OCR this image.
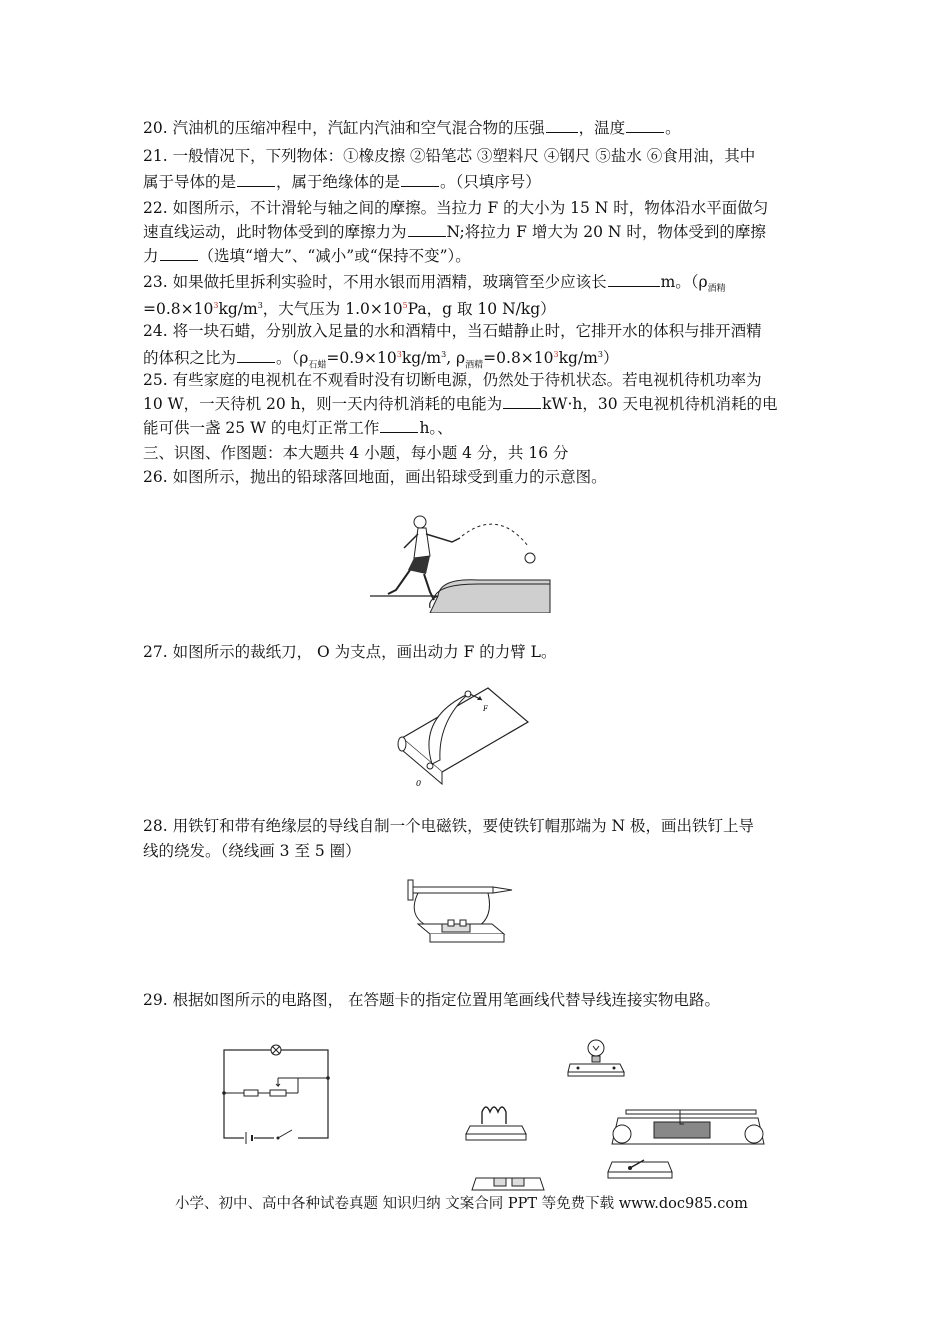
20. 汽油机的压缩冲程中，汽缸内汽油和空气混合物的压强 ，温度	。
21. 一般情况下，下列物体：①橡皮擦 ②铅笔芯 ③塑料尺 ④钢尺 ⑤盐水 ⑥食用油，其中
属于导体的是	，属于绝缘体的是	。（只填序号）
22. 如图所示，不计滑轮与轴之间的摩擦。当拉力 F 的大小为 15 N 时，物体沿水平面做匀
速直线运动，此时物体受到的摩擦力为	N;将拉力 F 增大为 20 N 时，物体受到的摩擦
力	（选填“增大”、“减小”或“保持不变”）。
23. 如果做托里拆利实验时，不用水银而用酒精，玻璃管至少应该长	m。（$\rho_{酒精}$
$=0.8\times 10^3kg/m^3$，大气压为 $1.0\times 10^5Pa$，g 取 10 N/kg）
24. 将一块石蜡，分别放入足量的水和酒精中，当石蜡静止时，它排开水的体积与排开酒精
的体积之比为	。（$\rho_{石蜡}=0.9\times 10^3kg/m^3$, $\rho_{酒精}=0.8\times 10^3kg/m^3$）
25. 有些家庭的电视机在不观看时没有切断电源，仍然处于待机状态。若电视机待机功率为
10 W，一天待机 20 h，则一天内待机消耗的电能为	kW·h，30 天电视机待机消耗的电
能可供一盏 25 W 的电灯正常工作	h。、
三、识图、作图题：本大题共 4 小题，每小题 4 分，共 16 分
26. 如图所示，抛出的铅球落回地面，画出铅球受到重力的示意图。
27. 如图所示的裁纸刀， O 为支点，画出动力 F 的力臂 L。
F
0
28. 用铁钉和带有绝缘层的导线自制一个电磁铁，要使铁钉帽那端为 N 极，画出铁钉上导
线的绕发。（绕线画 3 至 5 圈）
29. 根据如图所示的电路图， 在答题卡的指定位置用笔画线代替导线连接实物电路。
小学、初中、高中各种试卷真题 知识归纳 文案合同 PPT 等免费下载 www.doc985.com
